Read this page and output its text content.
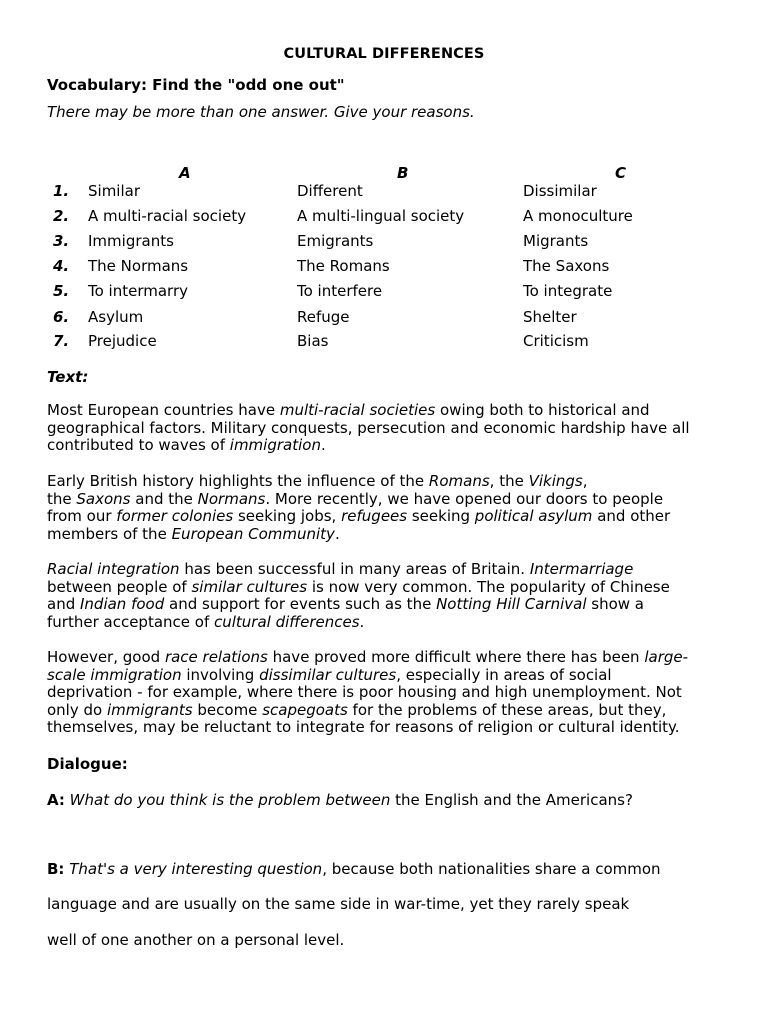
CULTURAL DIFFERENCES
Vocabulary: Find the "odd one out"
There may be more than one answer. Give your reasons.
A	B	C
1. Similar	Different	Dissimilar
2. A multi-racial society	A multi-lingual society	A monoculture
3. Immigrants	Emigrants	Migrants
4. The Normans	The Romans	The Saxons
5. To intermarry	To interfere	To integrate
6. Asylum	Refuge	Shelter
7. Prejudice	Bias	Criticism
Text:
Most European countries have multi-racial societies owing both to historical and
geographical factors. Military conquests, persecution and economic hardship have all
contributed to waves of immigration.
Early British history highlights the influence of the Romans, the Vikings,
the Saxons and the Normans. More recently, we have opened our doors to people
from our former colonies seeking jobs, refugees seeking political asylum and other
members of the European Community.
Racial integration has been successful in many areas of Britain. Intermarriage
between people of similar cultures is now very common. The popularity of Chinese
and Indian food and support for events such as the Notting Hill Carnival show a
further acceptance of cultural differences.
However, good race relations have proved more difficult where there has been large-
scale immigration involving dissimilar cultures, especially in areas of social
deprivation - for example, where there is poor housing and high unemployment. Not
only do immigrants become scapegoats for the problems of these areas, but they,
themselves, may be reluctant to integrate for reasons of religion or cultural identity.
Dialogue:
A: What do you think is the problem between the English and the Americans?
B: That's a very interesting question, because both nationalities share a common
language and are usually on the same side in war-time, yet they rarely speak
well of one another on a personal level.
